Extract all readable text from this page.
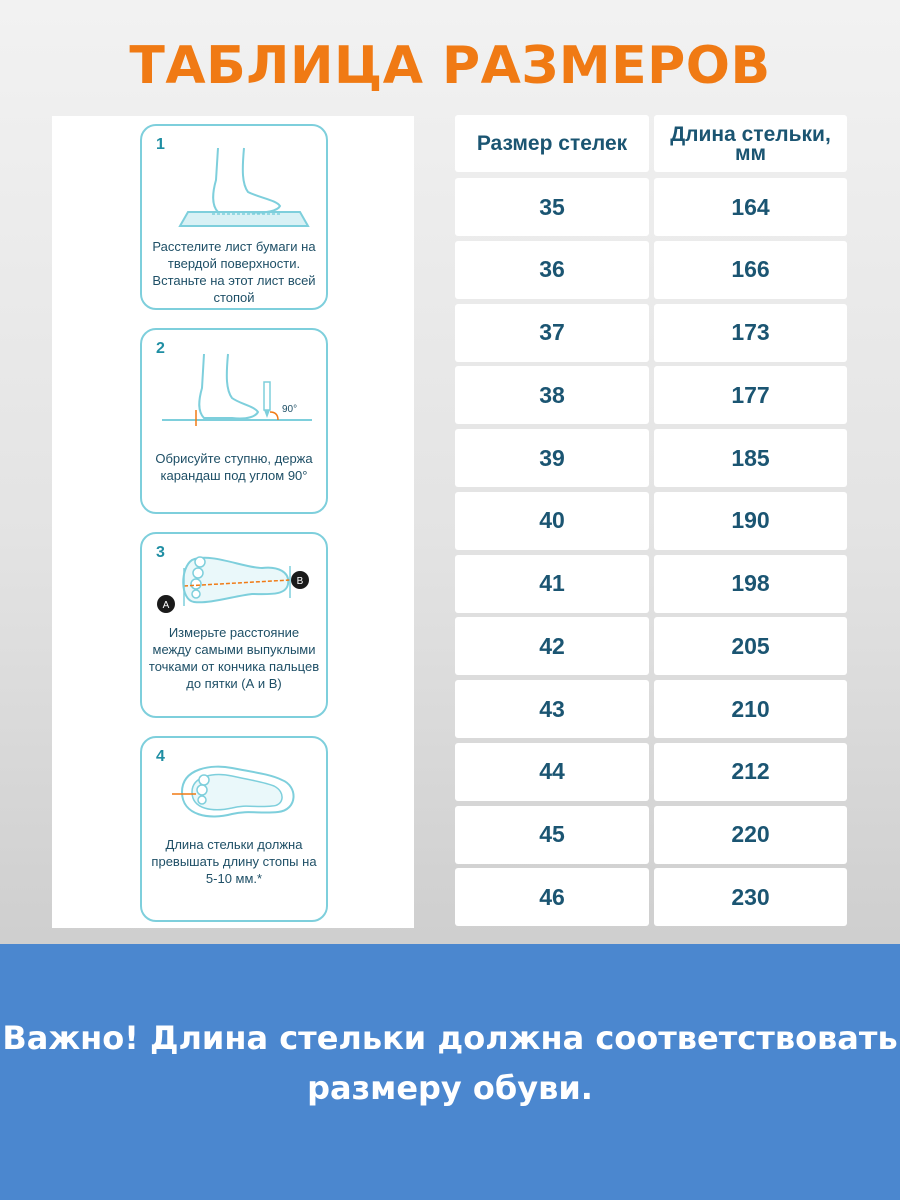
ТАБЛИЦА РАЗМЕРОВ
1
Расстелите лист бумаги на твердой поверхности. Встаньте на этот лист всей стопой
2
90°
Обрисуйте ступню, держа карандаш под углом 90°
3
A
B
Измерьте расстояние между самыми выпуклыми точками от кончика пальцев до пятки (А и В)
4
Длина стельки должна превышать длину стопы на 5-10 мм.*
Размер стелек	Длина стельки, мм
35	164
36	166
37	173
38	177
39	185
40	190
41	198
42	205
43	210
44	212
45	220
46	230
Важно! Длина стельки должна соответствовать размеру обуви.
